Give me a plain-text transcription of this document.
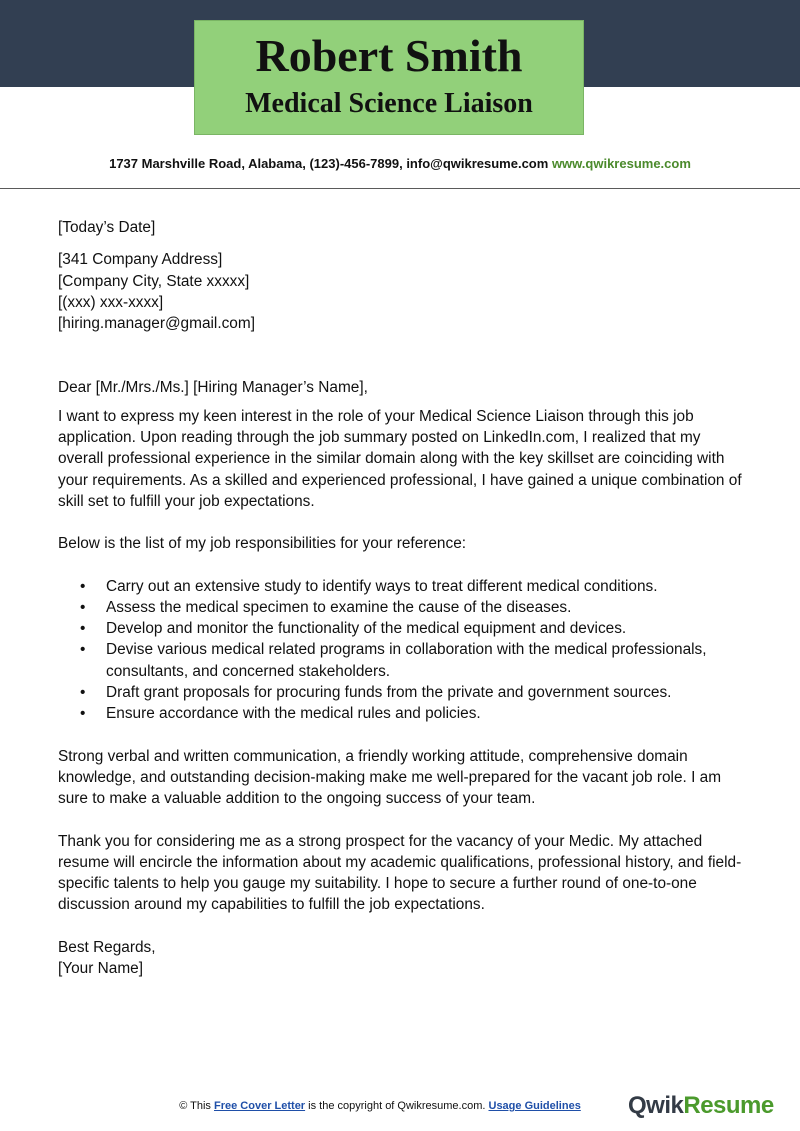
Robert Smith
Medical Science Liaison
1737 Marshville Road, Alabama, (123)-456-7899, info@qwikresume.com www.qwikresume.com

[Today’s Date]

[341 Company Address]

[Company City, State xxxxx]

[(xxx) xxx-xxxx]

[hiring.manager@gmail.com]

Dear [Mr./Mrs./Ms.] [Hiring Manager’s Name],

I want to express my keen interest in the role of your Medical Science Liaison through this job application. Upon reading through the job summary posted on LinkedIn.com, I realized that my overall professional experience in the similar domain along with the key skillset are coinciding with your requirements. As a skilled and experienced professional, I have gained a unique combination of skill set to fulfill your job expectations.

Below is the list of my job responsibilities for your reference:

• Carry out an extensive study to identify ways to treat different medical conditions.
• Assess the medical specimen to examine the cause of the diseases.
• Develop and monitor the functionality of the medical equipment and devices.
• Devise various medical related programs in collaboration with the medical professionals, consultants, and concerned stakeholders.
• Draft grant proposals for procuring funds from the private and government sources.
• Ensure accordance with the medical rules and policies.

Strong verbal and written communication, a friendly working attitude, comprehensive domain knowledge, and outstanding decision-making make me well-prepared for the vacant job role. I am sure to make a valuable addition to the ongoing success of your team.

Thank you for considering me as a strong prospect for the vacancy of your Medic. My attached resume will encircle the information about my academic qualifications, professional history, and field-specific talents to help you gauge my suitability. I hope to secure a further round of one-to-one discussion around my capabilities to fulfill the job expectations.

Best Regards,

[Your Name]

© This Free Cover Letter is the copyright of Qwikresume.com. Usage Guidelines	QwikResume
